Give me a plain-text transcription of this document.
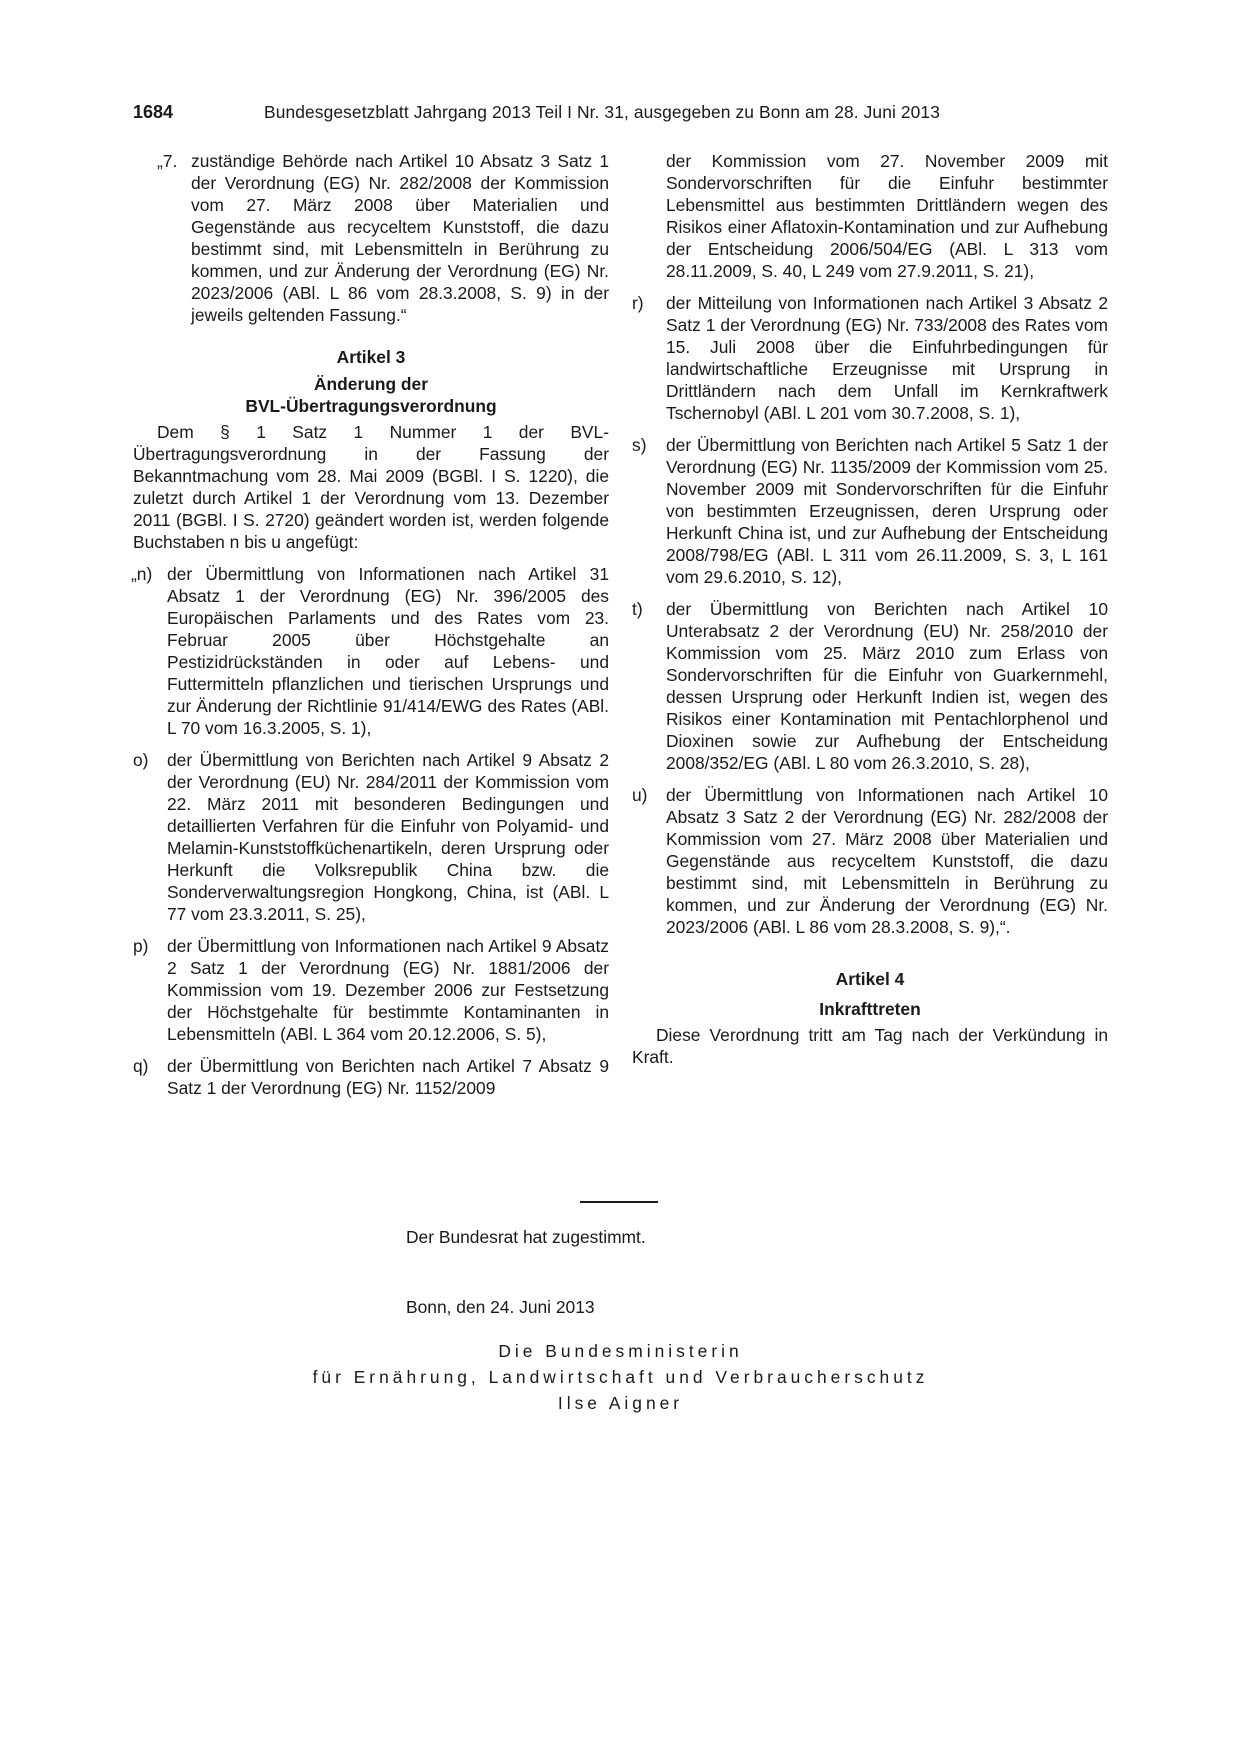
1684	Bundesgesetzblatt Jahrgang 2013 Teil I Nr. 31, ausgegeben zu Bonn am 28. Juni 2013
„7. zuständige Behörde nach Artikel 10 Absatz 3 Satz 1 der Verordnung (EG) Nr. 282/2008 der Kommission vom 27. März 2008 über Materialien und Gegenstände aus recyceltem Kunststoff, die dazu bestimmt sind, mit Lebensmitteln in Berührung zu kommen, und zur Änderung der Verordnung (EG) Nr. 2023/2006 (ABl. L 86 vom 28.3.2008, S. 9) in der jeweils geltenden Fassung.“

Artikel 3

Änderung der

BVL-Übertragungsverordnung

Dem § 1 Satz 1 Nummer 1 der BVL-Übertragungsverordnung in der Fassung der Bekanntmachung vom 28. Mai 2009 (BGBl. I S. 1220), die zuletzt durch Artikel 1 der Verordnung vom 13. Dezember 2011 (BGBl. I S. 2720) geändert worden ist, werden folgende Buchstaben n bis u angefügt:

„n) der Übermittlung von Informationen nach Artikel 31 Absatz 1 der Verordnung (EG) Nr. 396/2005 des Europäischen Parlaments und des Rates vom 23. Februar 2005 über Höchstgehalte an Pestizidrückständen in oder auf Lebens- und Futtermitteln pflanzlichen und tierischen Ursprungs und zur Änderung der Richtlinie 91/414/EWG des Rates (ABl. L 70 vom 16.3.2005, S. 1),
o) der Übermittlung von Berichten nach Artikel 9 Absatz 2 der Verordnung (EU) Nr. 284/2011 der Kommission vom 22. März 2011 mit besonderen Bedingungen und detaillierten Verfahren für die Einfuhr von Polyamid- und Melamin-Kunststoffküchenartikeln, deren Ursprung oder Herkunft die Volksrepublik China bzw. die Sonderverwaltungsregion Hongkong, China, ist (ABl. L 77 vom 23.3.2011, S. 25),
p) der Übermittlung von Informationen nach Artikel 9 Absatz 2 Satz 1 der Verordnung (EG) Nr. 1881/2006 der Kommission vom 19. Dezember 2006 zur Festsetzung der Höchstgehalte für bestimmte Kontaminanten in Lebensmitteln (ABl. L 364 vom 20.12.2006, S. 5),
q) der Übermittlung von Berichten nach Artikel 7 Absatz 9 Satz 1 der Verordnung (EG) Nr. 1152/2009

der Kommission vom 27. November 2009 mit Sondervorschriften für die Einfuhr bestimmter Lebensmittel aus bestimmten Drittländern wegen des Risikos einer Aflatoxin-Kontamination und zur Aufhebung der Entscheidung 2006/504/EG (ABl. L 313 vom 28.11.2009, S. 40, L 249 vom 27.9.2011, S. 21),

r) der Mitteilung von Informationen nach Artikel 3 Absatz 2 Satz 1 der Verordnung (EG) Nr. 733/2008 des Rates vom 15. Juli 2008 über die Einfuhrbedingungen für landwirtschaftliche Erzeugnisse mit Ursprung in Drittländern nach dem Unfall im Kernkraftwerk Tschernobyl (ABl. L 201 vom 30.7.2008, S. 1),
s) der Übermittlung von Berichten nach Artikel 5 Satz 1 der Verordnung (EG) Nr. 1135/2009 der Kommission vom 25. November 2009 mit Sondervorschriften für die Einfuhr von bestimmten Erzeugnissen, deren Ursprung oder Herkunft China ist, und zur Aufhebung der Entscheidung 2008/798/EG (ABl. L 311 vom 26.11.2009, S. 3, L 161 vom 29.6.2010, S. 12),
t) der Übermittlung von Berichten nach Artikel 10 Unterabsatz 2 der Verordnung (EU) Nr. 258/2010 der Kommission vom 25. März 2010 zum Erlass von Sondervorschriften für die Einfuhr von Guarkernmehl, dessen Ursprung oder Herkunft Indien ist, wegen des Risikos einer Kontamination mit Pentachlorphenol und Dioxinen sowie zur Aufhebung der Entscheidung 2008/352/EG (ABl. L 80 vom 26.3.2010, S. 28),
u) der Übermittlung von Informationen nach Artikel 10 Absatz 3 Satz 2 der Verordnung (EG) Nr. 282/2008 der Kommission vom 27. März 2008 über Materialien und Gegenstände aus recyceltem Kunststoff, die dazu bestimmt sind, mit Lebensmitteln in Berührung zu kommen, und zur Änderung der Verordnung (EG) Nr. 2023/2006 (ABl. L 86 vom 28.3.2008, S. 9),“.

Artikel 4

Inkrafttreten

Diese Verordnung tritt am Tag nach der Verkündung in Kraft.

Der Bundesrat hat zugestimmt.
Bonn, den 24. Juni 2013
Die Bundesministerin
für Ernährung, Landwirtschaft und Verbraucherschutz
Ilse Aigner
